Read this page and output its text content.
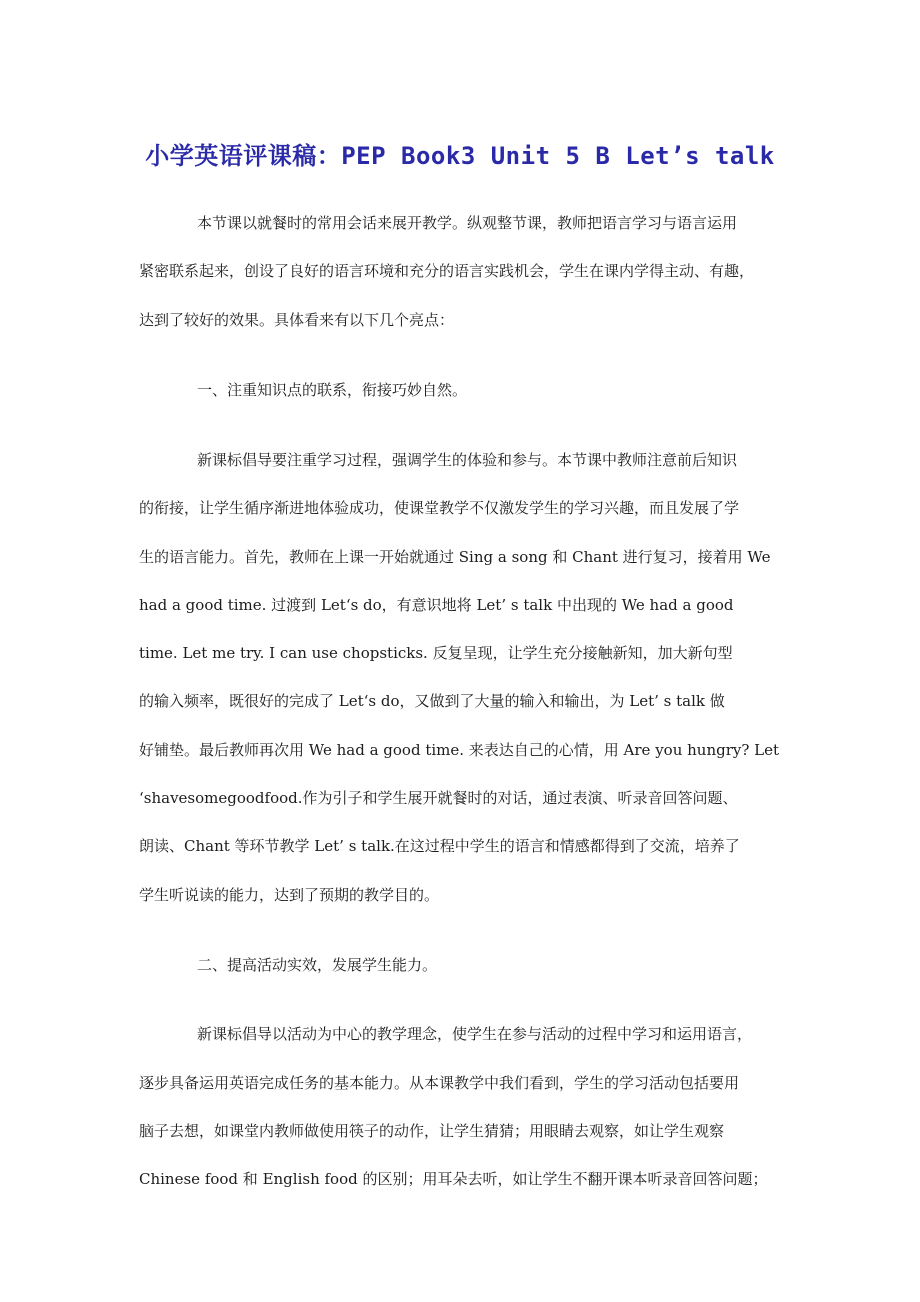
小学英语评课稿：PEP Book3 Unit 5 B Let’s talk
本节课以就餐时的常用会话来展开教学。纵观整节课，教师把语言学习与语言运用
紧密联系起来，创设了良好的语言环境和充分的语言实践机会，学生在课内学得主动、有趣，
达到了较好的效果。具体看来有以下几个亮点：
一、注重知识点的联系，衔接巧妙自然。
新课标倡导要注重学习过程，强调学生的体验和参与。本节课中教师注意前后知识
的衔接，让学生循序渐进地体验成功，使课堂教学不仅激发学生的学习兴趣，而且发展了学
生的语言能力。首先，教师在上课一开始就通过 Sing a song 和 Chant 进行复习，接着用 We
had a good time. 过渡到 Let‘s do，有意识地将 Let’ s talk 中出现的 We had a good
time. Let me try. I can use chopsticks. 反复呈现，让学生充分接触新知，加大新句型
的输入频率，既很好的完成了 Let‘s do，又做到了大量的输入和输出，为 Let’ s talk 做
好铺垫。最后教师再次用 We had a good time. 来表达自己的心情，用 Are you hungry? Let
‘shavesomegoodfood.作为引子和学生展开就餐时的对话，通过表演、听录音回答问题、
朗读、Chant 等环节教学 Let’ s talk.在这过程中学生的语言和情感都得到了交流，培养了
学生听说读的能力，达到了预期的教学目的。
二、提高活动实效，发展学生能力。
新课标倡导以活动为中心的教学理念，使学生在参与活动的过程中学习和运用语言，
逐步具备运用英语完成任务的基本能力。从本课教学中我们看到，学生的学习活动包括要用
脑子去想，如课堂内教师做使用筷子的动作，让学生猜猜；用眼睛去观察，如让学生观察
Chinese food 和 English food 的区别；用耳朵去听，如让学生不翻开课本听录音回答问题；
